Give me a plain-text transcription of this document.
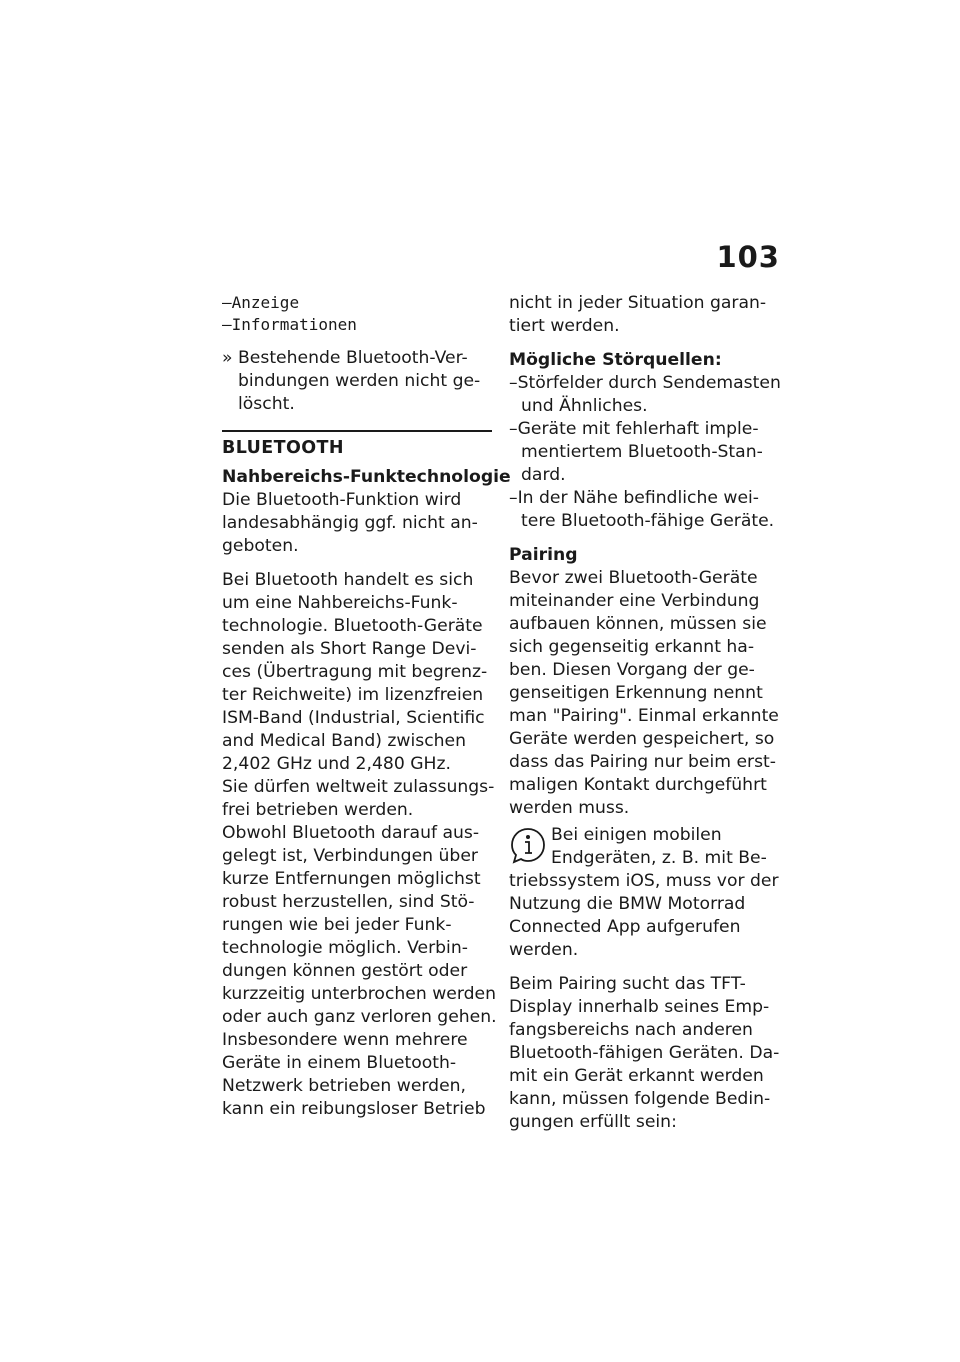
103

–Anzeige

–Informationen

» Bestehende Bluetooth-Ver-

bindungen werden nicht ge-

löscht.

BLUETOOTH

Nahbereichs-Funktechnologie

Die Bluetooth-Funktion wird

landesabhängig ggf. nicht an-

geboten.

Bei Bluetooth handelt es sich

um eine Nahbereichs-Funk-

technologie. Bluetooth-Geräte

senden als Short Range Devi-

ces (Übertragung mit begrenz-

ter Reichweite) im lizenzfreien

ISM-Band (Industrial, Scientific

and Medical Band) zwischen

2,402 GHz und 2,480 GHz.

Sie dürfen weltweit zulassungs-

frei betrieben werden.

Obwohl Bluetooth darauf aus-

gelegt ist, Verbindungen über

kurze Entfernungen möglichst

robust herzustellen, sind Stö-

rungen wie bei jeder Funk-

technologie möglich. Verbin-

dungen können gestört oder

kurzzeitig unterbrochen werden

oder auch ganz verloren gehen.

Insbesondere wenn mehrere

Geräte in einem Bluetooth-

Netzwerk betrieben werden,

kann ein reibungsloser Betrieb

nicht in jeder Situation garan-

tiert werden.

Mögliche Störquellen:

–Störfelder durch Sendemasten

und Ähnliches.

–Geräte mit fehlerhaft imple-

mentiertem Bluetooth-Stan-

dard.

–In der Nähe befindliche wei-

tere Bluetooth-fähige Geräte.

Pairing

Bevor zwei Bluetooth-Geräte

miteinander eine Verbindung

aufbauen können, müssen sie

sich gegenseitig erkannt ha-

ben. Diesen Vorgang der ge-

genseitigen Erkennung nennt

man "Pairing". Einmal erkannte

Geräte werden gespeichert, so

dass das Pairing nur beim erst-

maligen Kontakt durchgeführt

werden muss.

Bei einigen mobilen

Endgeräten, z. B. mit Be-

triebssystem iOS, muss vor der

Nutzung die BMW Motorrad

Connected App aufgerufen

werden.

Beim Pairing sucht das TFT-

Display innerhalb seines Emp-

fangsbereichs nach anderen

Bluetooth-fähigen Geräten. Da-

mit ein Gerät erkannt werden

kann, müssen folgende Bedin-

gungen erfüllt sein:
